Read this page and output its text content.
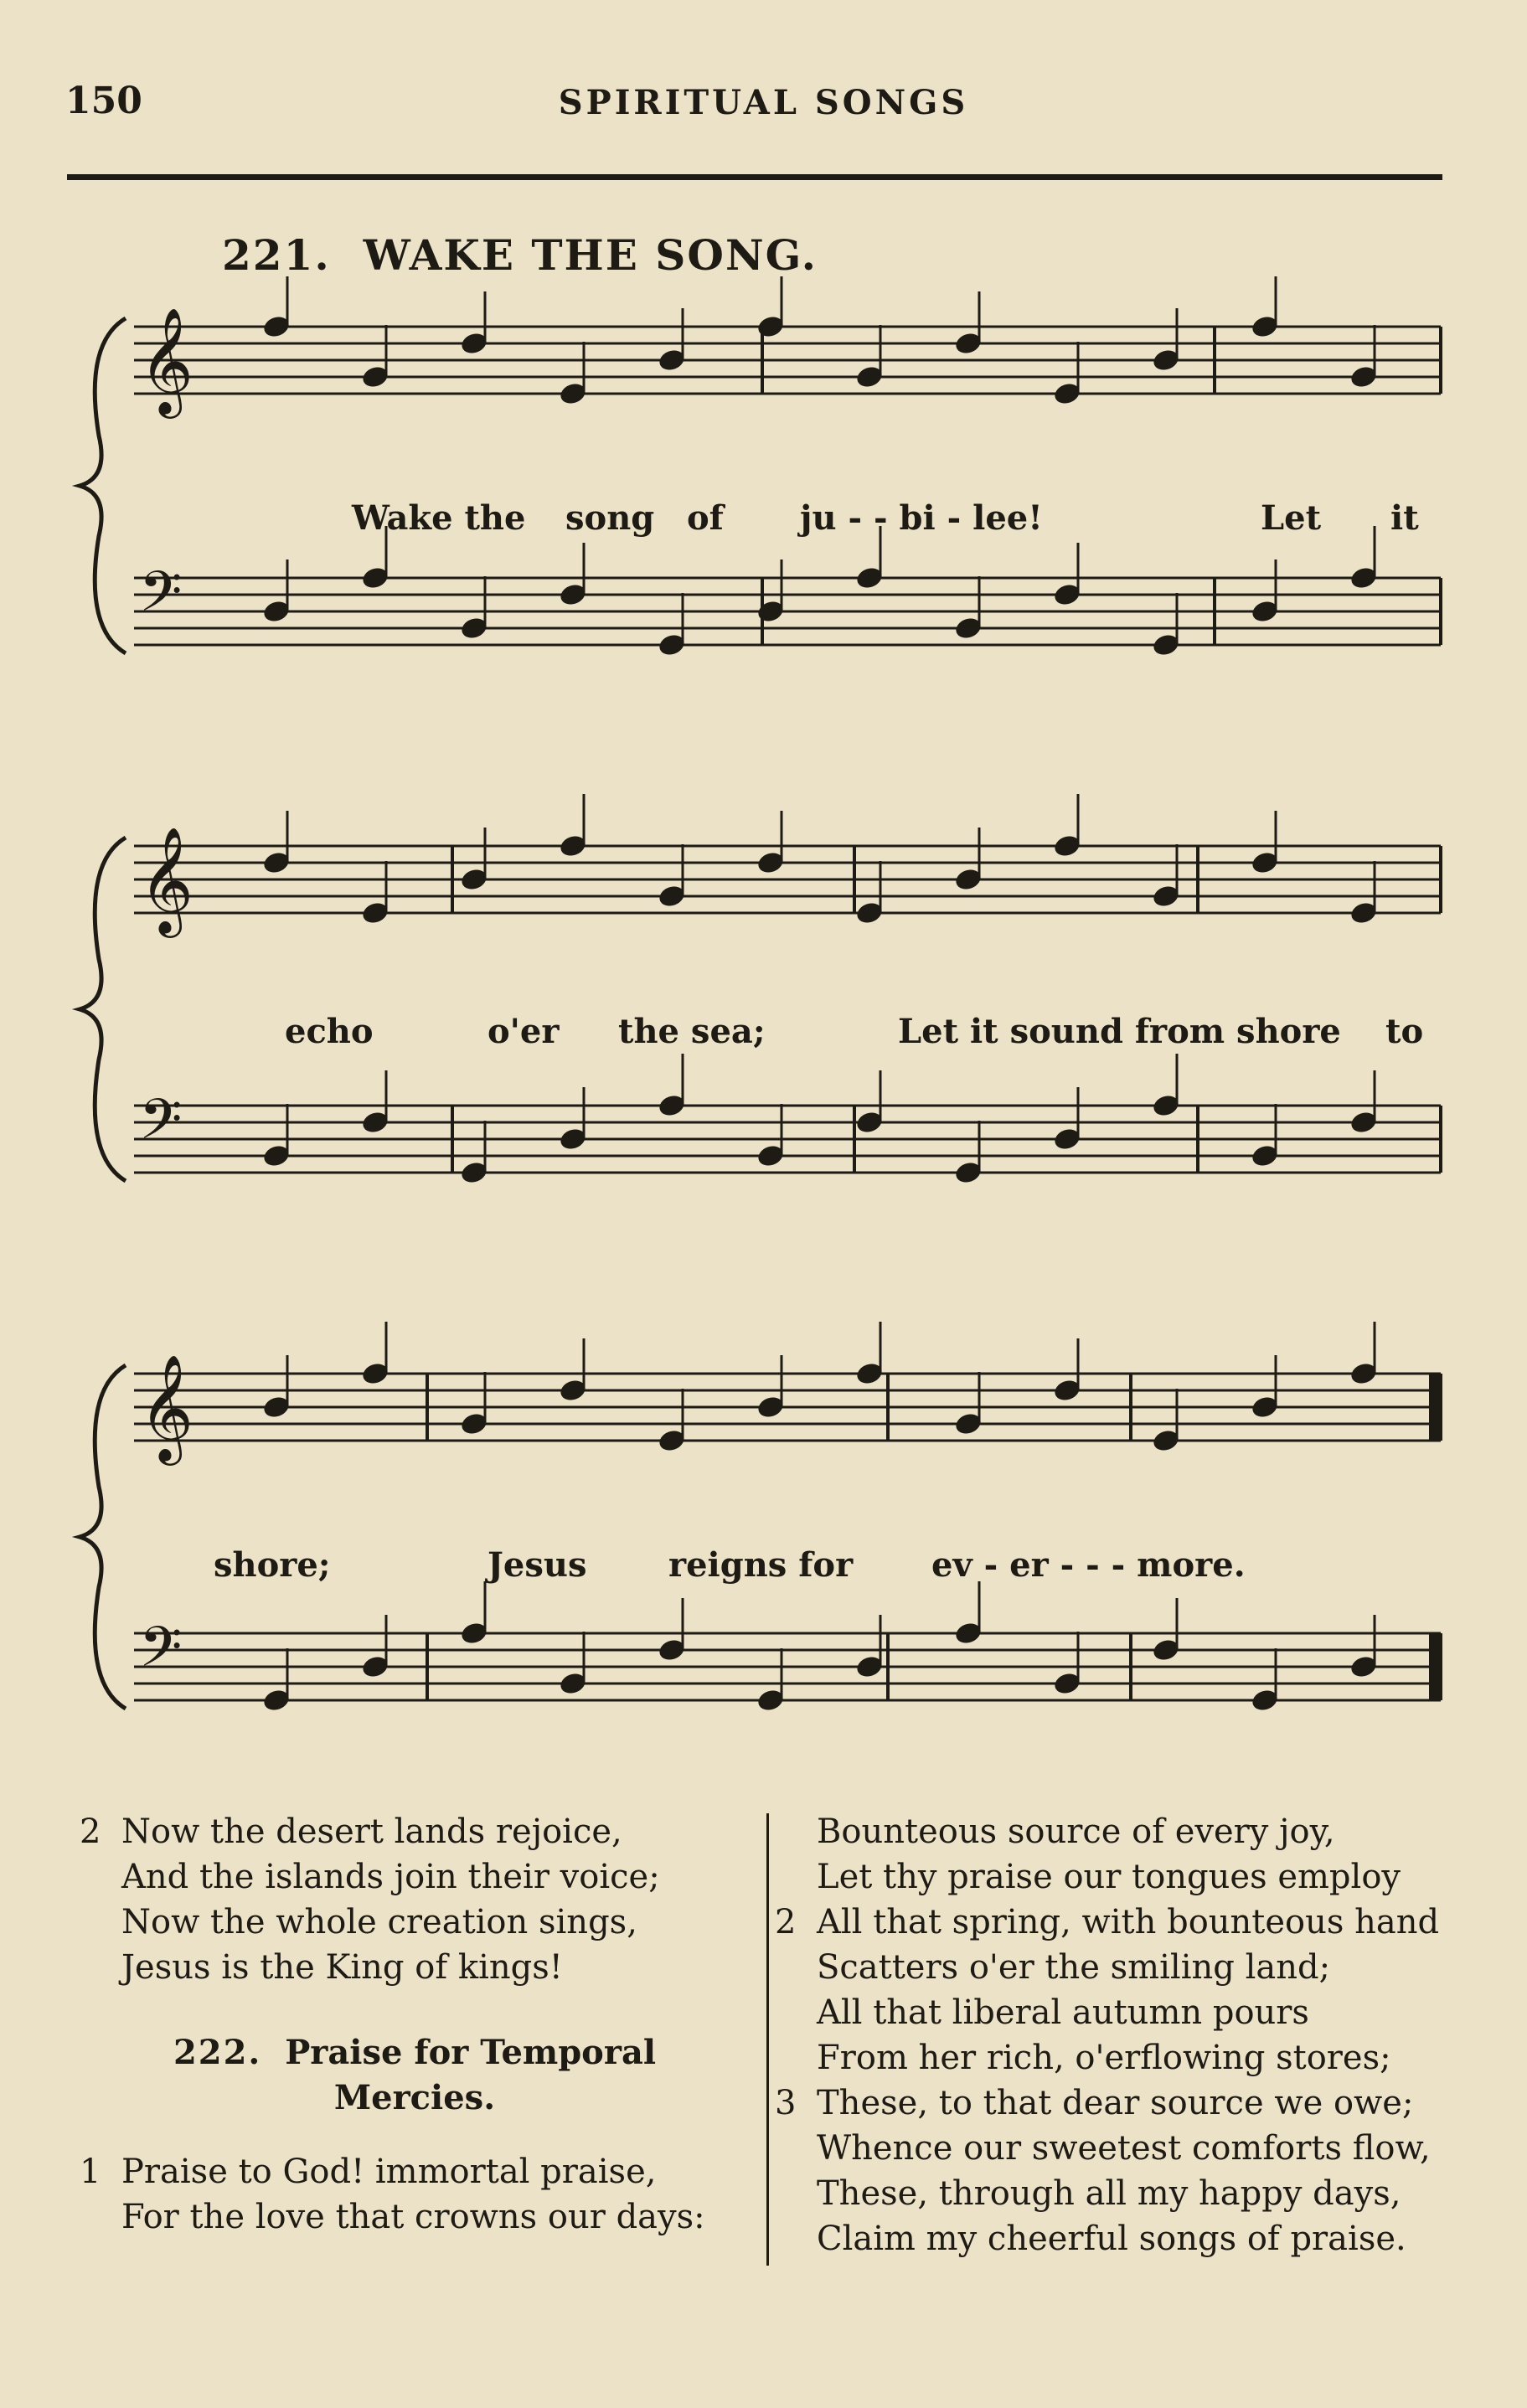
150	SPIRITUAL SONGS
221. WAKE THE SONG.
𝄞
𝄢
𝄞
𝄢
𝄞
𝄢
Wake the song of ju - - bi - lee!	Let it
echo	o'er the sea;	Let it sound from shore to
shore;	Jesus reigns for ev - er - - - more.
2 Now the desert lands rejoice,
And the islands join their voice;
Now the whole creation sings,
Jesus is the King of kings!
222. Praise for Temporal
Mercies.
1 Praise to God! immortal praise,
For the love that crowns our days:
Bounteous source of every joy,
Let thy praise our tongues employ
2 All that spring, with bounteous hand
Scatters o'er the smiling land;
All that liberal autumn pours
From her rich, o'erflowing stores;
3 These, to that dear source we owe;
Whence our sweetest comforts flow,
These, through all my happy days,
Claim my cheerful songs of praise.
